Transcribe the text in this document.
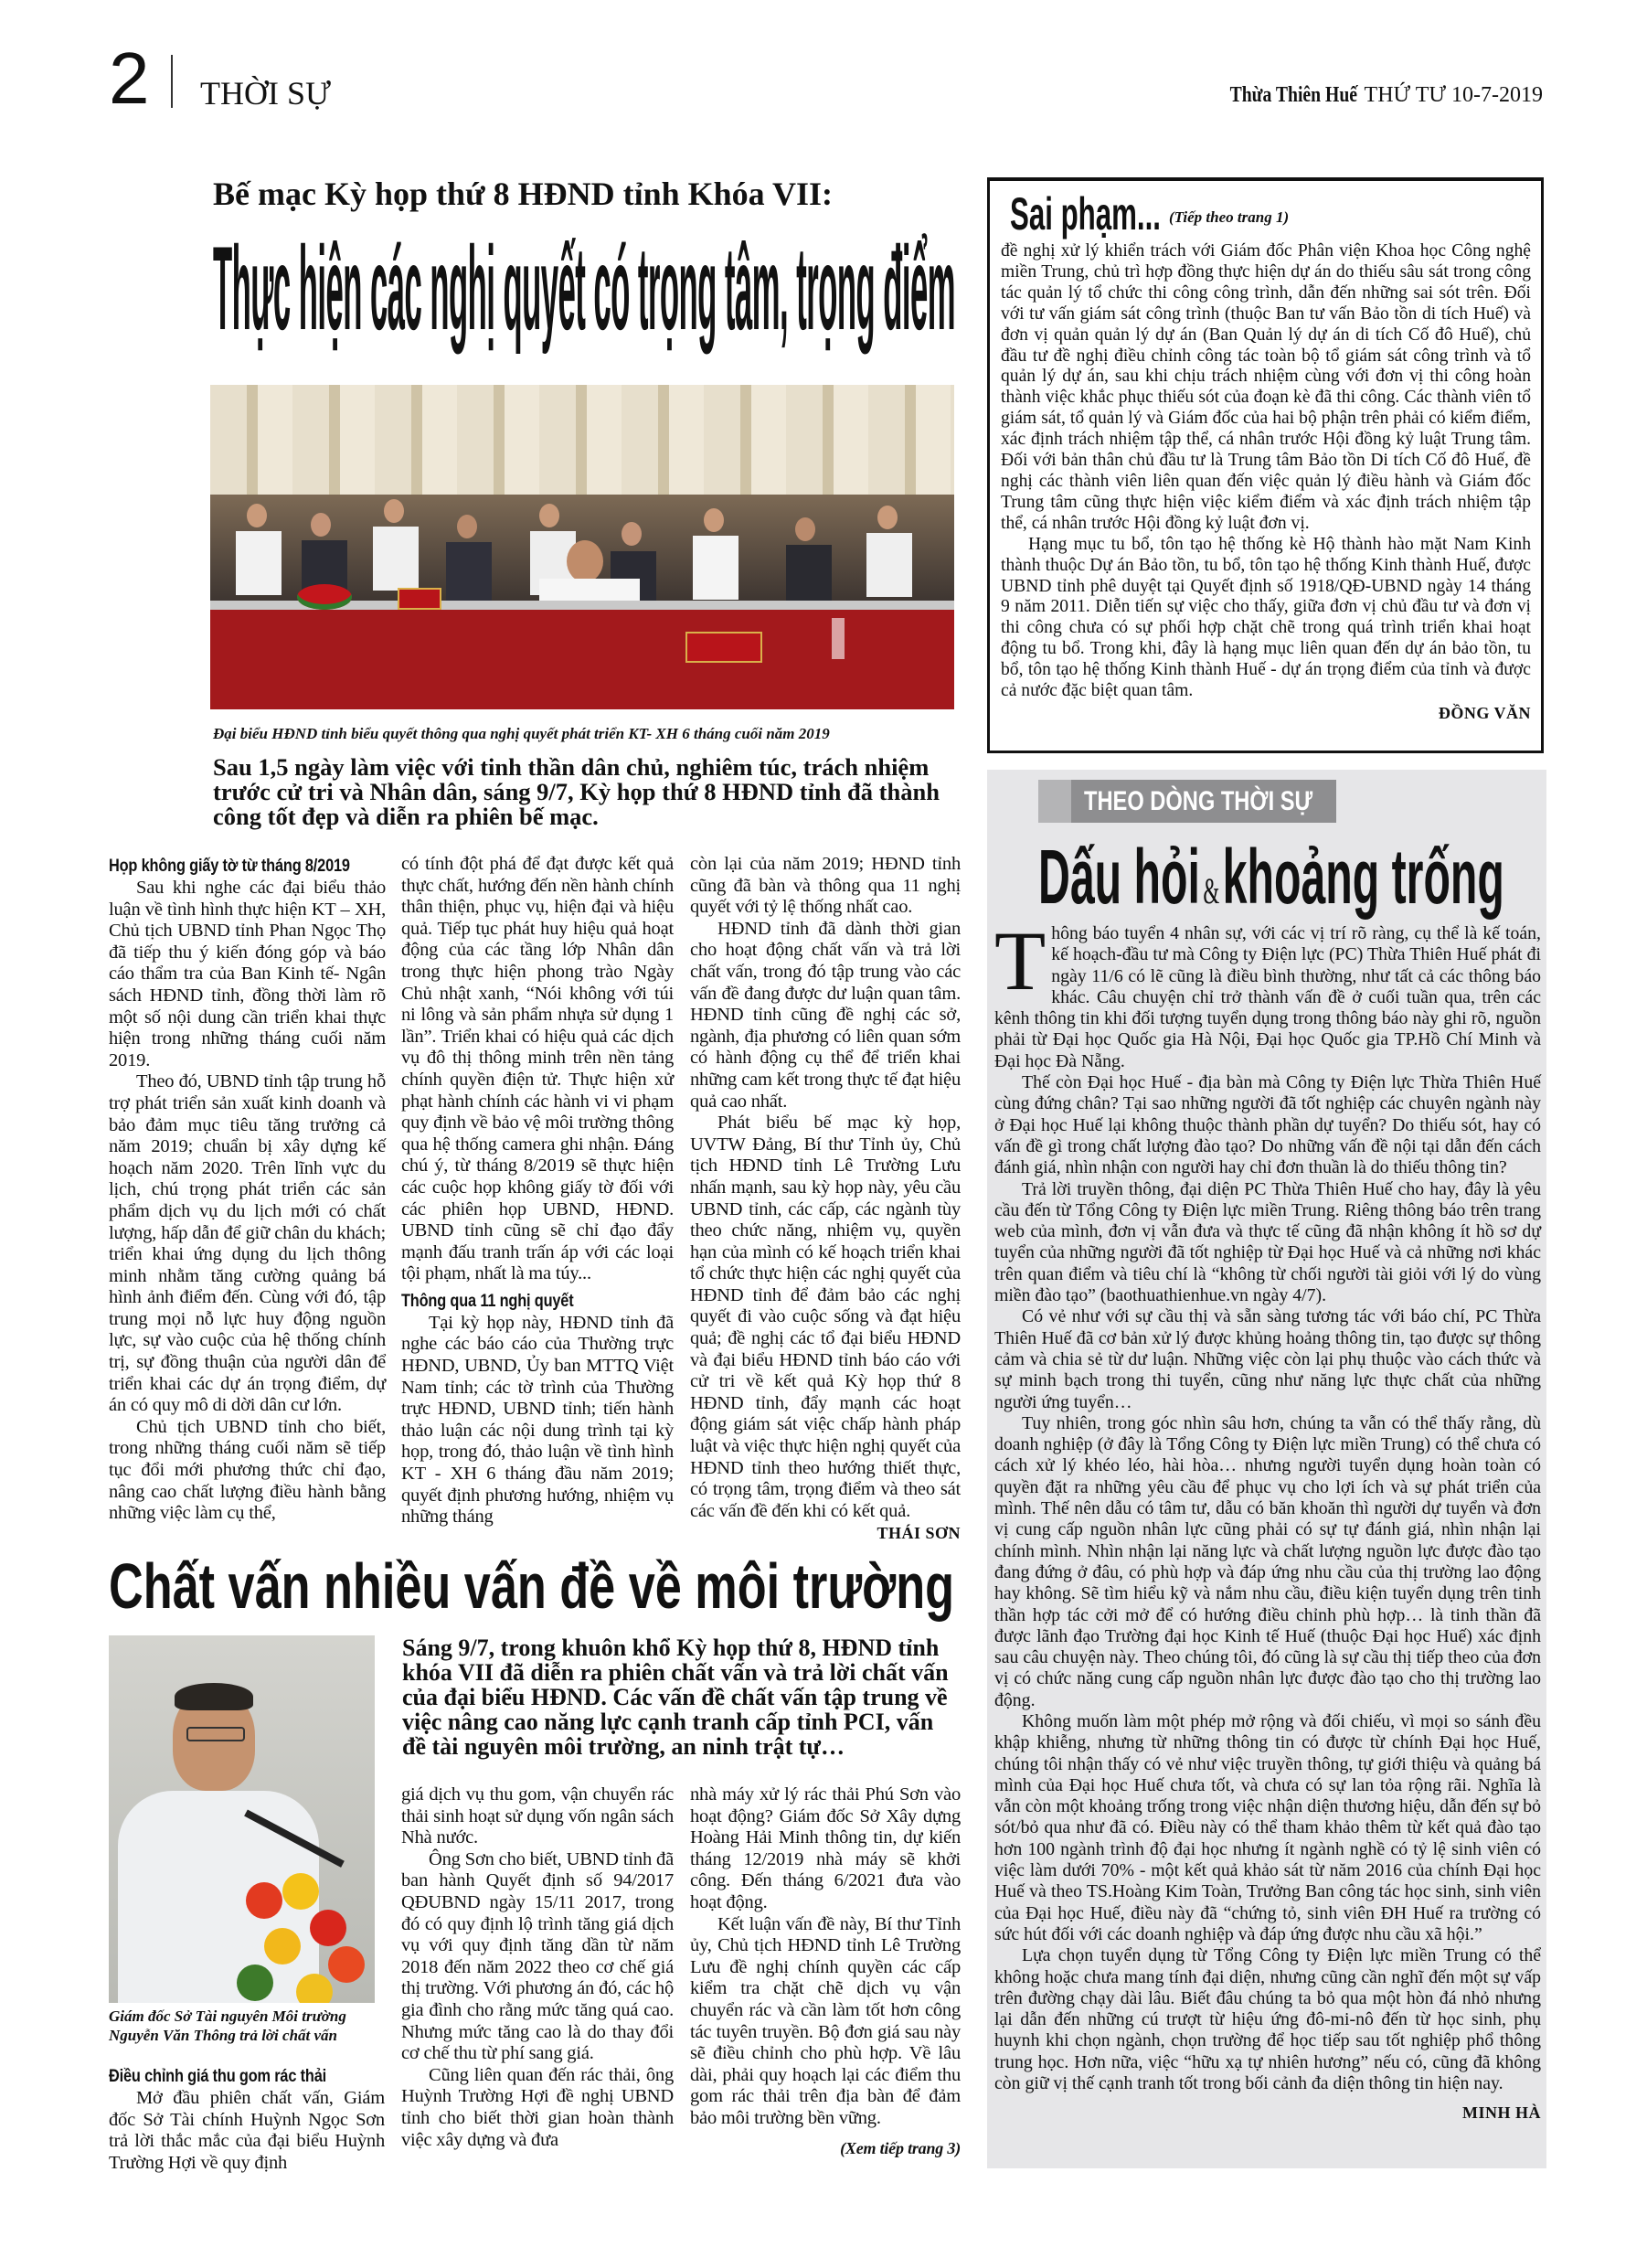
2 THỜI SỰ	Thừa Thiên Huế THỨ TƯ 10-7-2019
Bế mạc Kỳ họp thứ 8 HĐND tỉnh Khóa VII:
Thực hiện các nghị quyết có trọng tâm, trọng điểm
Đại biểu HĐND tỉnh biểu quyết thông qua nghị quyết phát triển KT- XH 6 tháng cuối năm 2019
Sau 1,5 ngày làm việc với tinh thần dân chủ, nghiêm túc, trách nhiệm trước cử tri và Nhân dân, sáng 9/7, Kỳ họp thứ 8 HĐND tỉnh đã thành công tốt đẹp và diễn ra phiên bế mạc.
Họp không giấy tờ từ tháng 8/2019

Sau khi nghe các đại biểu thảo luận về tình hình thực hiện KT – XH, Chủ tịch UBND tỉnh Phan Ngọc Thọ đã tiếp thu ý kiến đóng góp và báo cáo thẩm tra của Ban Kinh tế- Ngân sách HĐND tỉnh, đồng thời làm rõ một số nội dung cần triển khai thực hiện trong những tháng cuối năm 2019.

Theo đó, UBND tỉnh tập trung hỗ trợ phát triển sản xuất kinh doanh và bảo đảm mục tiêu tăng trưởng cả năm 2019; chuẩn bị xây dựng kế hoạch năm 2020. Trên lĩnh vực du lịch, chú trọng phát triển các sản phẩm dịch vụ du lịch mới có chất lượng, hấp dẫn để giữ chân du khách; triển khai ứng dụng du lịch thông minh nhằm tăng cường quảng bá hình ảnh điểm đến. Cùng với đó, tập trung mọi nỗ lực huy động nguồn lực, sự vào cuộc của hệ thống chính trị, sự đồng thuận của người dân để triển khai các dự án trọng điểm, dự án có quy mô di dời dân cư lớn.

Chủ tịch UBND tỉnh cho biết, trong những tháng cuối năm sẽ tiếp tục đổi mới phương thức chỉ đạo, nâng cao chất lượng điều hành bằng những việc làm cụ thể,

có tính đột phá để đạt được kết quả thực chất, hướng đến nền hành chính thân thiện, phục vụ, hiện đại và hiệu quả. Tiếp tục phát huy hiệu quả hoạt động của các tầng lớp Nhân dân trong thực hiện phong trào Ngày Chủ nhật xanh, “Nói không với túi ni lông và sản phẩm nhựa sử dụng 1 lần”. Triển khai có hiệu quả các dịch vụ đô thị thông minh trên nền tảng chính quyền điện tử. Thực hiện xử phạt hành chính các hành vi vi phạm quy định về bảo vệ môi trường thông qua hệ thống camera ghi nhận. Đáng chú ý, từ tháng 8/2019 sẽ thực hiện các cuộc họp không giấy tờ đối với các phiên họp UBND, HĐND. UBND tỉnh cũng sẽ chỉ đạo đẩy mạnh đấu tranh trấn áp với các loại tội phạm, nhất là ma túy...

Thông qua 11 nghị quyết

Tại kỳ họp này, HĐND tỉnh đã nghe các báo cáo của Thường trực HĐND, UBND, Ủy ban MTTQ Việt Nam tỉnh; các tờ trình của Thường trực HĐND, UBND tỉnh; tiến hành thảo luận các nội dung trình tại kỳ họp, trong đó, thảo luận về tình hình KT - XH 6 tháng đầu năm 2019; quyết định phương hướng, nhiệm vụ những tháng

còn lại của năm 2019; HĐND tỉnh cũng đã bàn và thông qua 11 nghị quyết với tỷ lệ thống nhất cao.

HĐND tỉnh đã dành thời gian cho hoạt động chất vấn và trả lời chất vấn, trong đó tập trung vào các vấn đề đang được dư luận quan tâm. HĐND tỉnh cũng đề nghị các sở, ngành, địa phương có liên quan sớm có hành động cụ thể để triển khai những cam kết trong thực tế đạt hiệu quả cao nhất.

Phát biểu bế mạc kỳ họp, UVTW Đảng, Bí thư Tỉnh ủy, Chủ tịch HĐND tỉnh Lê Trường Lưu nhấn mạnh, sau kỳ họp này, yêu cầu UBND tỉnh, các cấp, các ngành tùy theo chức năng, nhiệm vụ, quyền hạn của mình có kế hoạch triển khai tổ chức thực hiện các nghị quyết của HĐND tỉnh để đảm bảo các nghị quyết đi vào cuộc sống và đạt hiệu quả; đề nghị các tổ đại biểu HĐND và đại biểu HĐND tỉnh báo cáo với cử tri về kết quả Kỳ họp thứ 8 HĐND tỉnh, đẩy mạnh các hoạt động giám sát việc chấp hành pháp luật và việc thực hiện nghị quyết của HĐND tỉnh theo hướng thiết thực, có trọng tâm, trọng điểm và theo sát các vấn đề đến khi có kết quả.

THÁI SƠN
Chất vấn nhiều vấn đề về môi trường
Giám đốc Sở Tài nguyên Môi trường Nguyễn Văn Thông trả lời chất vấn
Sáng 9/7, trong khuôn khổ Kỳ họp thứ 8, HĐND tỉnh khóa VII đã diễn ra phiên chất vấn và trả lời chất vấn của đại biểu HĐND. Các vấn đề chất vấn tập trung về việc nâng cao năng lực cạnh tranh cấp tỉnh PCI, vấn đề tài nguyên môi trường, an ninh trật tự…
Điều chỉnh giá thu gom rác thải

Mở đầu phiên chất vấn, Giám đốc Sở Tài chính Huỳnh Ngọc Sơn trả lời thắc mắc của đại biểu Huỳnh Trường Hợi về quy định

giá dịch vụ thu gom, vận chuyển rác thải sinh hoạt sử dụng vốn ngân sách Nhà nước.

Ông Sơn cho biết, UBND tỉnh đã ban hành Quyết định số 94/2017 QĐUBND ngày 15/11 2017, trong đó có quy định lộ trình tăng giá dịch vụ với quy định tăng dần từ năm 2018 đến năm 2022 theo cơ chế giá thị trường. Với phương án đó, các hộ gia đình cho rằng mức tăng quá cao. Nhưng mức tăng cao là do thay đổi cơ chế thu từ phí sang giá.

Cũng liên quan đến rác thải, ông Huỳnh Trường Hợi đề nghị UBND tỉnh cho biết thời gian hoàn thành việc xây dựng và đưa

nhà máy xử lý rác thải Phú Sơn vào hoạt động? Giám đốc Sở Xây dựng Hoàng Hải Minh thông tin, dự kiến tháng 12/2019 nhà máy sẽ khởi công. Đến tháng 6/2021 đưa vào hoạt động.

Kết luận vấn đề này, Bí thư Tỉnh ủy, Chủ tịch HĐND tỉnh Lê Trường Lưu đề nghị chính quyền các cấp kiểm tra chặt chẽ dịch vụ vận chuyển rác và cần làm tốt hơn công tác tuyên truyền. Bộ đơn giá sau này sẽ điều chỉnh cho phù hợp. Về lâu dài, phải quy hoạch lại các điểm thu gom rác thải trên địa bàn để đảm bảo môi trường bền vững.

(Xem tiếp trang 3)
Sai phạm... (Tiếp theo trang 1)

đề nghị xử lý khiển trách với Giám đốc Phân viện Khoa học Công nghệ miền Trung, chủ trì hợp đồng thực hiện dự án do thiếu sâu sát trong công tác quản lý tổ chức thi công công trình, dẫn đến những sai sót trên. Đối với tư vấn giám sát công trình (thuộc Ban tư vấn Bảo tồn di tích Huế) và đơn vị quản quản lý dự án (Ban Quản lý dự án di tích Cố đô Huế), chủ đầu tư đề nghị điều chỉnh công tác toàn bộ tổ giám sát công trình và tổ quản lý dự án, sau khi chịu trách nhiệm cùng với đơn vị thi công hoàn thành việc khắc phục thiếu sót của đoạn kè đã thi công. Các thành viên tổ giám sát, tổ quản lý và Giám đốc của hai bộ phận trên phải có kiểm điểm, xác định trách nhiệm tập thể, cá nhân trước Hội đồng kỷ luật Trung tâm. Đối với bản thân chủ đầu tư là Trung tâm Bảo tồn Di tích Cố đô Huế, đề nghị các thành viên liên quan đến việc quản lý điều hành và Giám đốc Trung tâm cũng thực hiện việc kiểm điểm và xác định trách nhiệm tập thể, cá nhân trước Hội đồng kỷ luật đơn vị.

Hạng mục tu bổ, tôn tạo hệ thống kè Hộ thành hào mặt Nam Kinh thành thuộc Dự án Bảo tồn, tu bổ, tôn tạo hệ thống Kinh thành Huế, được UBND tỉnh phê duyệt tại Quyết định số 1918/QĐ-UBND ngày 14 tháng 9 năm 2011. Diễn tiến sự việc cho thấy, giữa đơn vị chủ đầu tư và đơn vị thi công chưa có sự phối hợp chặt chẽ trong quá trình triển khai hoạt động tu bổ. Trong khi, đây là hạng mục liên quan đến dự án bảo tồn, tu bổ, tôn tạo hệ thống Kinh thành Huế - dự án trọng điểm của tỉnh và được cả nước đặc biệt quan tâm.

ĐỒNG VĂN
THEO DÒNG THỜI SỰ
Dấu hỏi&khoảng trống

Thông báo tuyển 4 nhân sự, với các vị trí rõ ràng, cụ thể là kế toán, kế hoạch-đầu tư mà Công ty Điện lực (PC) Thừa Thiên Huế phát đi ngày 11/6 có lẽ cũng là điều bình thường, như tất cả các thông báo khác. Câu chuyện chỉ trở thành vấn đề ở cuối tuần qua, trên các kênh thông tin khi đối tượng tuyển dụng trong thông báo này ghi rõ, nguồn phải từ Đại học Quốc gia Hà Nội, Đại học Quốc gia TP.Hồ Chí Minh và Đại học Đà Nẵng.

Thế còn Đại học Huế - địa bàn mà Công ty Điện lực Thừa Thiên Huế cùng đứng chân? Tại sao những người đã tốt nghiệp các chuyên ngành này ở Đại học Huế lại không thuộc thành phần dự tuyển? Do thiếu sót, hay có vấn đề gì trong chất lượng đào tạo? Do những vấn đề nội tại dẫn đến cách đánh giá, nhìn nhận con người hay chỉ đơn thuần là do thiếu thông tin?

Trả lời truyền thông, đại diện PC Thừa Thiên Huế cho hay, đây là yêu cầu đến từ Tổng Công ty Điện lực miền Trung. Riêng thông báo trên trang web của mình, đơn vị vẫn đưa và thực tế cũng đã nhận không ít hồ sơ dự tuyển của những người đã tốt nghiệp từ Đại học Huế và cả những nơi khác trên quan điểm và tiêu chí là “không từ chối người tài giỏi với lý do vùng miền đào tạo” (baothuathienhue.vn ngày 4/7).

Có vẻ như với sự cầu thị và sẵn sàng tương tác với báo chí, PC Thừa Thiên Huế đã cơ bản xử lý được khủng hoảng thông tin, tạo được sự thông cảm và chia sẻ từ dư luận. Những việc còn lại phụ thuộc vào cách thức và sự minh bạch trong thi tuyển, cũng như năng lực thực chất của những người ứng tuyển…

Tuy nhiên, trong góc nhìn sâu hơn, chúng ta vẫn có thể thấy rằng, dù doanh nghiệp (ở đây là Tổng Công ty Điện lực miền Trung) có thể chưa có cách xử lý khéo léo, hài hòa… nhưng người tuyển dụng hoàn toàn có quyền đặt ra những yêu cầu để phục vụ cho lợi ích và sự phát triển của mình. Thế nên dẫu có tâm tư, dẫu có băn khoăn thì người dự tuyển và đơn vị cung cấp nguồn nhân lực cũng phải có sự tự đánh giá, nhìn nhận lại chính mình. Nhìn nhận lại năng lực và chất lượng nguồn lực được đào tạo đang đứng ở đâu, có phù hợp và đáp ứng nhu cầu của thị trường lao động hay không. Sẽ tìm hiểu kỹ và nắm nhu cầu, điều kiện tuyển dụng trên tinh thần hợp tác cởi mở để có hướng điều chỉnh phù hợp… là tinh thần đã được lãnh đạo Trường đại học Kinh tế Huế (thuộc Đại học Huế) xác định sau câu chuyện này. Theo chúng tôi, đó cũng là sự cầu thị tiếp theo của đơn vị có chức năng cung cấp nguồn nhân lực được đào tạo cho thị trường lao động.

Không muốn làm một phép mở rộng và đối chiếu, vì mọi so sánh đều khập khiễng, nhưng từ những thông tin có được từ chính Đại học Huế, chúng tôi nhận thấy có vẻ như việc truyền thông, tự giới thiệu và quảng bá mình của Đại học Huế chưa tốt, và chưa có sự lan tỏa rộng rãi. Nghĩa là vẫn còn một khoảng trống trong việc nhận diện thương hiệu, dẫn đến sự bỏ sót/bỏ qua như đã có. Điều này có thể tham khảo thêm từ kết quả đào tạo hơn 100 ngành trình độ đại học nhưng ít ngành nghề có tỷ lệ sinh viên có việc làm dưới 70% - một kết quả khảo sát từ năm 2016 của chính Đại học Huế và theo TS.Hoàng Kim Toàn, Trưởng Ban công tác học sinh, sinh viên của Đại học Huế, điều này đã “chứng tỏ, sinh viên ĐH Huế ra trường có sức hút đối với các doanh nghiệp và đáp ứng được nhu cầu xã hội.”

Lựa chọn tuyển dụng từ Tổng Công ty Điện lực miền Trung có thể không hoặc chưa mang tính đại diện, nhưng cũng cần nghĩ đến một sự vấp trên đường chạy dài lâu. Biết đâu chúng ta bỏ qua một hòn đá nhỏ nhưng lại dẫn đến những cú trượt từ hiệu ứng đô-mi-nô đến từ học sinh, phụ huynh khi chọn ngành, chọn trường để học tiếp sau tốt nghiệp phổ thông trung học. Hơn nữa, việc “hữu xạ tự nhiên hương” nếu có, cũng đã không còn giữ vị thế cạnh tranh tốt trong bối cảnh đa diện thông tin hiện nay.

MINH HÀ
